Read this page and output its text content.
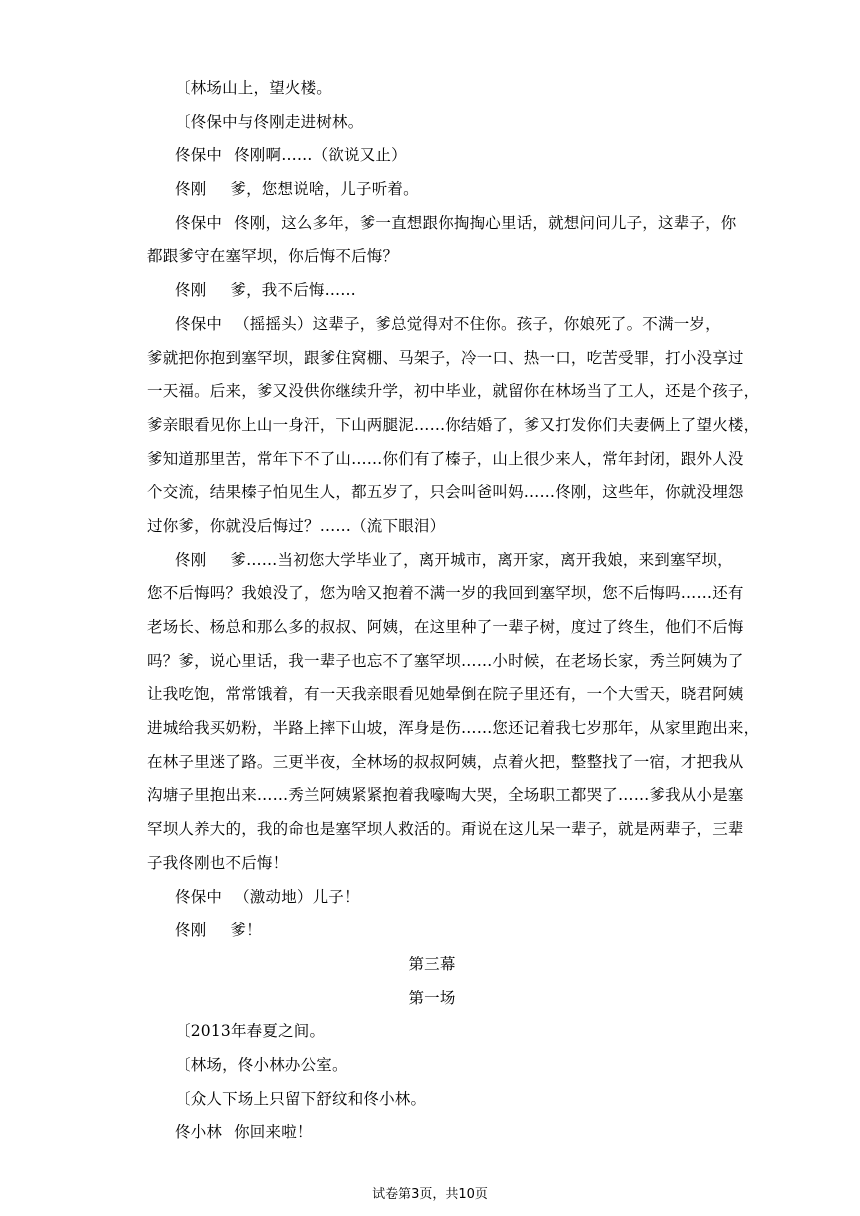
〔林场山上，望火楼。
〔佟保中与佟刚走进树林。
佟保中 佟刚啊……（欲说又止）
佟刚 爹，您想说啥，儿子听着。
佟保中 佟刚，这么多年，爹一直想跟你掏掏心里话，就想问问儿子，这辈子，你
都跟爹守在塞罕坝，你后悔不后悔？
佟刚 爹，我不后悔……
佟保中 （摇摇头）这辈子，爹总觉得对不住你。孩子，你娘死了。不满一岁，
爹就把你抱到塞罕坝，跟爹住窝棚、马架子，冷一口、热一口，吃苦受罪，打小没享过
一天福。后来，爹又没供你继续升学，初中毕业，就留你在林场当了工人，还是个孩子，
爹亲眼看见你上山一身汗，下山两腿泥……你结婚了，爹又打发你们夫妻俩上了望火楼，
爹知道那里苦，常年下不了山……你们有了榛子，山上很少来人，常年封闭，跟外人没
个交流，结果榛子怕见生人，都五岁了，只会叫爸叫妈……佟刚，这些年，你就没埋怨
过你爹，你就没后悔过？……（流下眼泪）
佟刚 爹……当初您大学毕业了，离开城市，离开家，离开我娘，来到塞罕坝，
您不后悔吗？我娘没了，您为啥又抱着不满一岁的我回到塞罕坝，您不后悔吗……还有
老场长、杨总和那么多的叔叔、阿姨，在这里种了一辈子树，度过了终生，他们不后悔
吗？爹，说心里话，我一辈子也忘不了塞罕坝……小时候，在老场长家，秀兰阿姨为了
让我吃饱，常常饿着，有一天我亲眼看见她晕倒在院子里还有，一个大雪天，晓君阿姨
进城给我买奶粉，半路上摔下山坡，浑身是伤……您还记着我七岁那年，从家里跑出来，
在林子里迷了路。三更半夜，全林场的叔叔阿姨，点着火把，整整找了一宿，才把我从
沟塘子里抱出来……秀兰阿姨紧紧抱着我嚎啕大哭，全场职工都哭了……爹我从小是塞
罕坝人养大的，我的命也是塞罕坝人救活的。甭说在这儿呆一辈子，就是两辈子，三辈
子我佟刚也不后悔！
佟保中 （激动地）儿子！
佟刚 爹！
第三幕
第一场
〔2013年春夏之间。
〔林场，佟小林办公室。
〔众人下场上只留下舒纹和佟小林。
佟小林 你回来啦！
试卷第3页，共10页
